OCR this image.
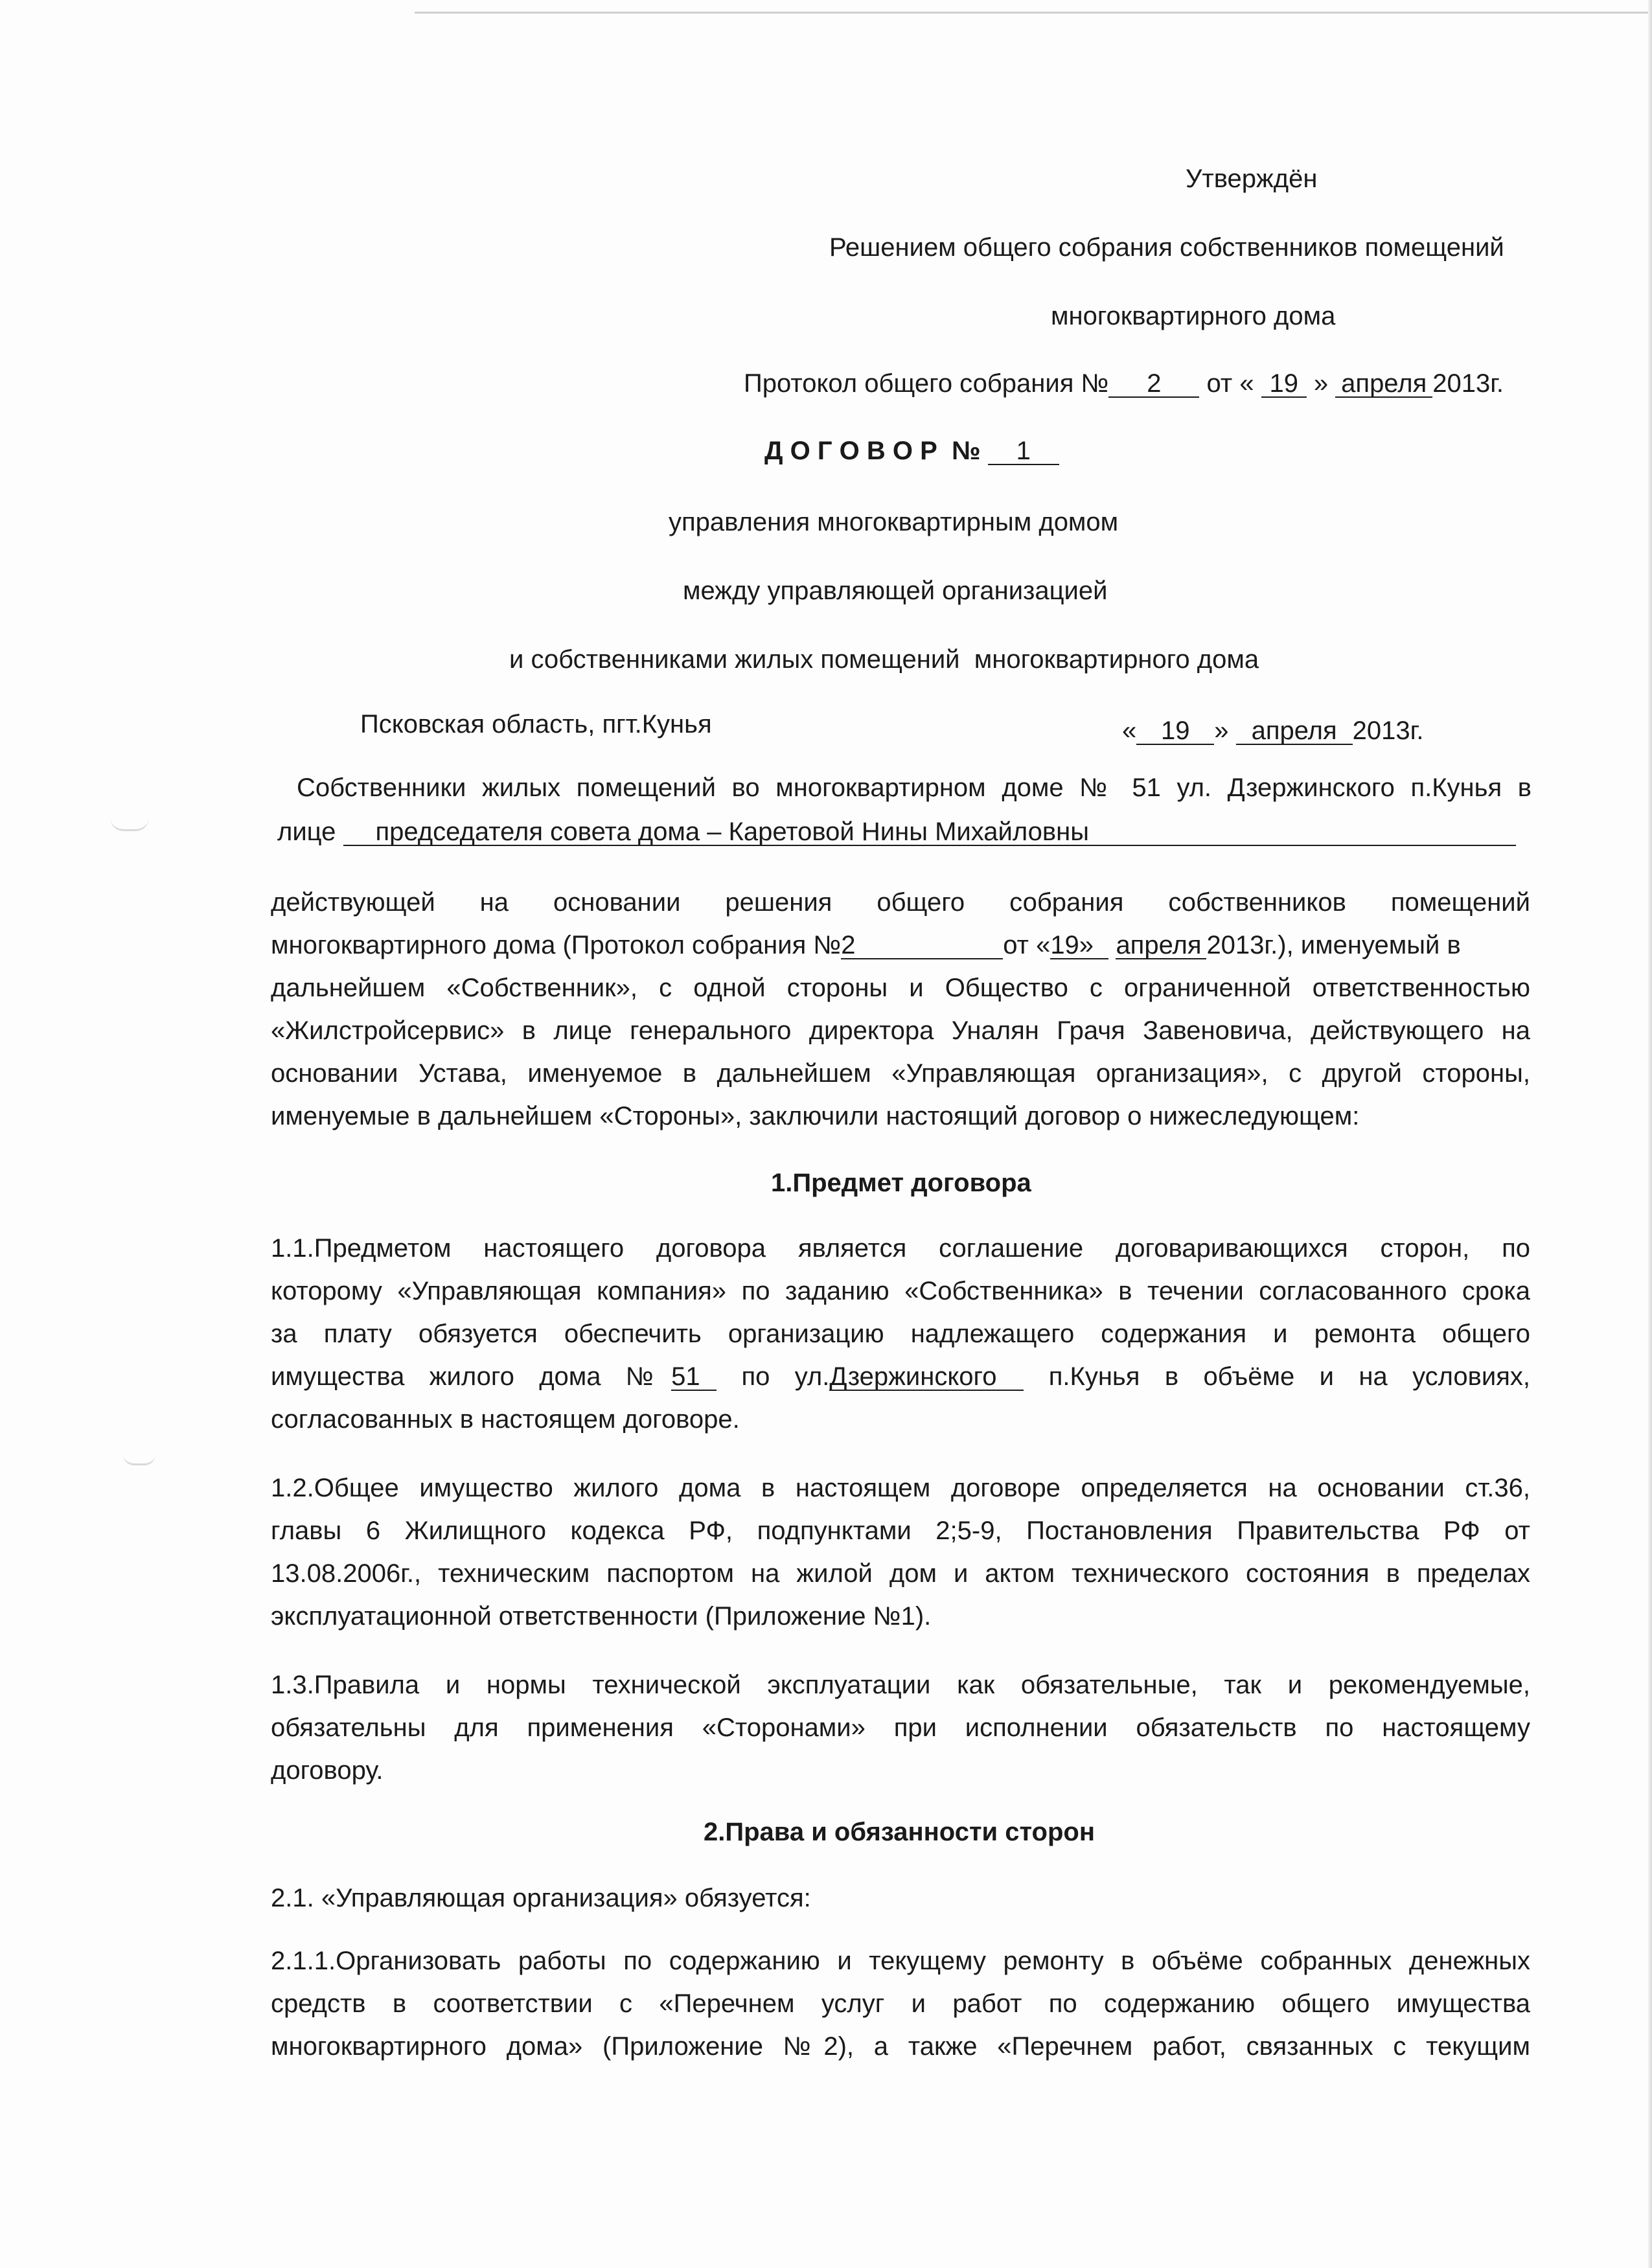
Утверждён
Решением общего собрания собственников помещений
многоквартирного дома
Протокол общего собрания № 2 от « 19 » апреля 2013г.
Д О Г О В О Р  № 1
управления многоквартирным домом
между управляющей организацией
и собственниками жилых помещений  многоквартирного дома
Псковская область, пгт.Кунья	« 19 » апреля 2013г.
Собственники жилых помещений во многоквартирном доме № 51 ул. Дзержинского п.Кунья в
лице председателя совета дома – Каретовой Нины Михайловны
действующей на основании решения общего собрания собственников помещений
многоквартирного дома (Протокол собрания №2	от «19» апреля 2013г.), именуемый в
дальнейшем «Собственник», с одной стороны и Общество с ограниченной ответственностью
«Жилстройсервис» в лице генерального директора Уналян Грачя Завеновича, действующего на
основании Устава, именуемое в дальнейшем «Управляющая организация», с другой стороны,
именуемые в дальнейшем «Стороны», заключили настоящий договор о нижеследующем:
1.Предмет договора
1.1.Предметом настоящего договора является соглашение договаривающихся сторон, по
которому «Управляющая компания» по заданию «Собственника» в течении согласованного срока
за плату обязуется обеспечить организацию надлежащего содержания и ремонта общего
имущества жилого дома №51 по ул.Дзержинского п.Кунья в объёме и на условиях,
согласованных в настоящем договоре.
1.2.Общее имущество жилого дома в настоящем договоре определяется на основании ст.36,
главы 6 Жилищного кодекса РФ, подпунктами 2;5-9, Постановления Правительства РФ от
13.08.2006г., техническим паспортом на жилой дом и актом технического состояния в пределах
эксплуатационной ответственности (Приложение №1).
1.3.Правила и нормы технической эксплуатации как обязательные, так и рекомендуемые,
обязательны для применения «Сторонами» при исполнении обязательств по настоящему
договору.
2.Права и обязанности сторон
2.1. «Управляющая организация» обязуется:
2.1.1.Организовать работы по содержанию и текущему ремонту в объёме собранных денежных
средств в соответствии с «Перечнем услуг и работ по содержанию общего имущества
многоквартирного дома» (Приложение №2), а также «Перечнем работ, связанных с текущим
